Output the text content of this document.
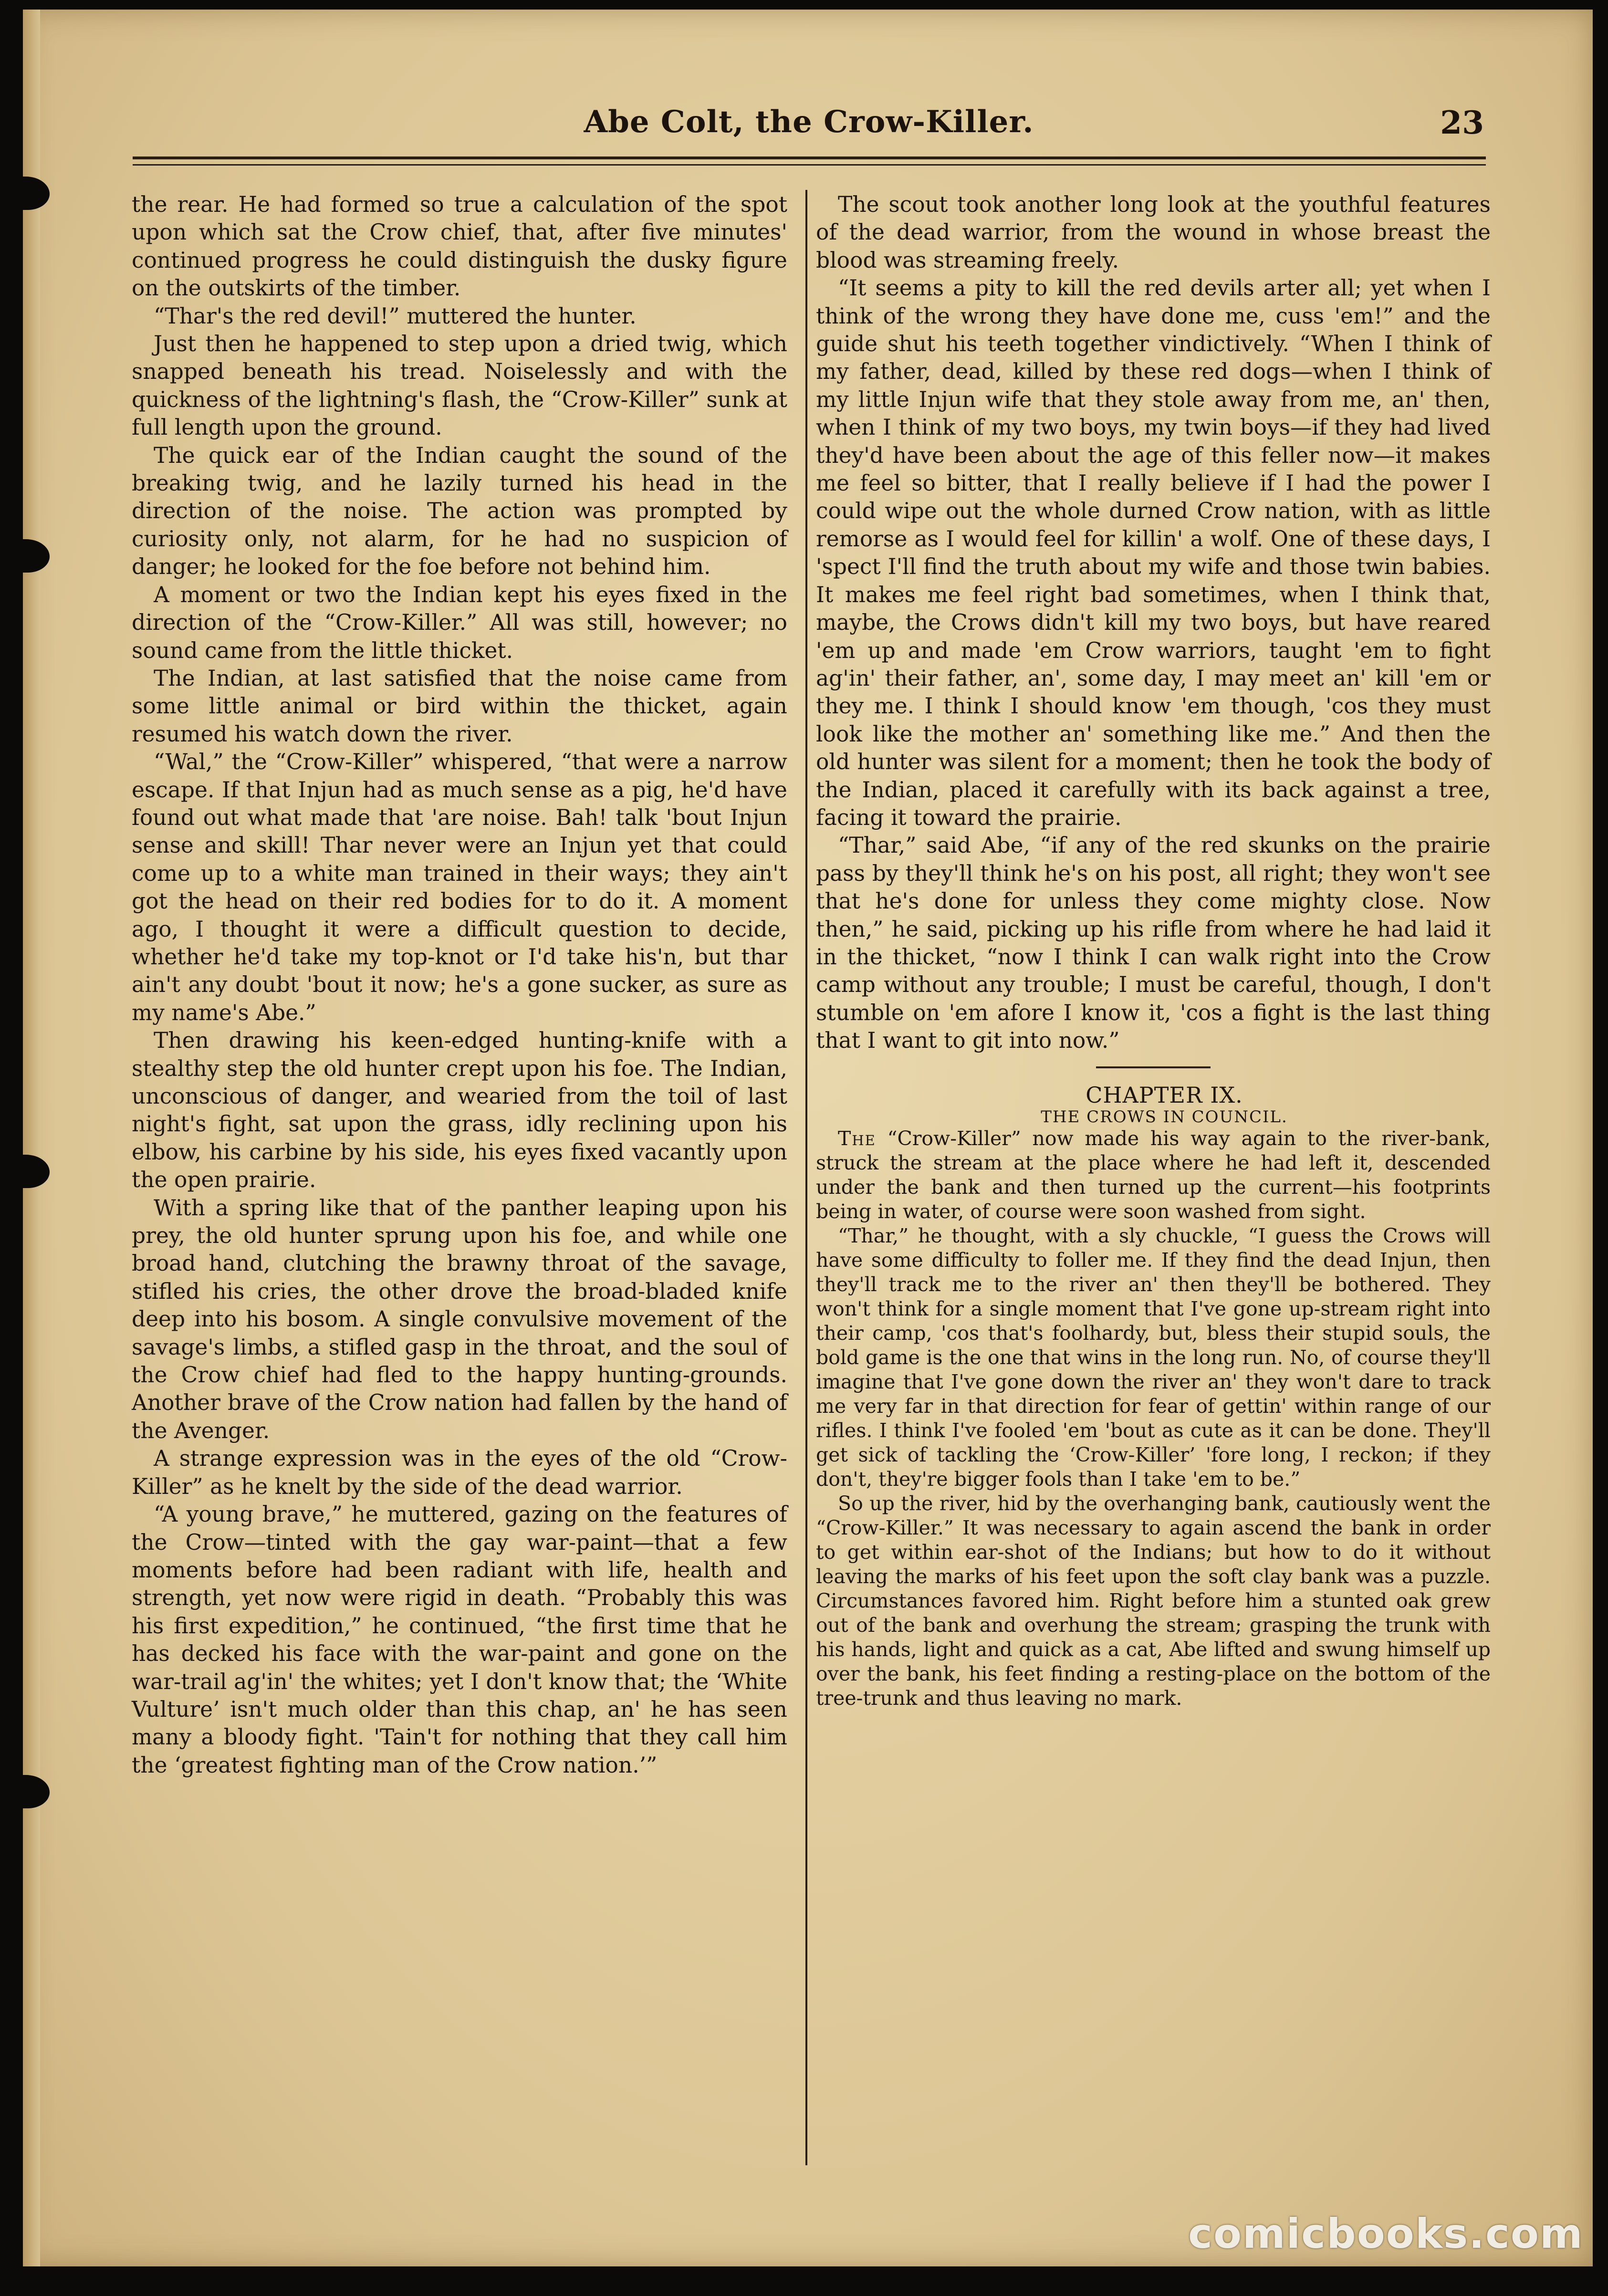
Abe Colt, the Crow-Killer.	23

the rear. He had formed so true a calculation of the spot upon which sat the Crow chief, that, after five minutes' continued progress he could distinguish the dusky figure on the outskirts of the timber.

“Thar's the red devil!” muttered the hunter.

Just then he happened to step upon a dried twig, which snapped beneath his tread. Noiselessly and with the quickness of the lightning's flash, the “Crow-Killer” sunk at full length upon the ground.

The quick ear of the Indian caught the sound of the breaking twig, and he lazily turned his head in the direction of the noise. The action was prompted by curiosity only, not alarm, for he had no suspicion of danger; he looked for the foe before not behind him.

A moment or two the Indian kept his eyes fixed in the direction of the “Crow-Killer.” All was still, however; no sound came from the little thicket.

The Indian, at last satisfied that the noise came from some little animal or bird within the thicket, again resumed his watch down the river.

“Wal,” the “Crow-Killer” whispered, “that were a narrow escape. If that Injun had as much sense as a pig, he'd have found out what made that 'are noise. Bah! talk 'bout Injun sense and skill! Thar never were an Injun yet that could come up to a white man trained in their ways; they ain't got the head on their red bodies for to do it. A moment ago, I thought it were a difficult question to decide, whether he'd take my top-knot or I'd take his'n, but thar ain't any doubt 'bout it now; he's a gone sucker, as sure as my name's Abe.”

Then drawing his keen-edged hunting-knife with a stealthy step the old hunter crept upon his foe. The Indian, unconscious of danger, and wearied from the toil of last night's fight, sat upon the grass, idly reclining upon his elbow, his carbine by his side, his eyes fixed vacantly upon the open prairie.

With a spring like that of the panther leaping upon his prey, the old hunter sprung upon his foe, and while one broad hand, clutching the brawny throat of the savage, stifled his cries, the other drove the broad-bladed knife deep into his bosom. A single convulsive movement of the savage's limbs, a stifled gasp in the throat, and the soul of the Crow chief had fled to the happy hunting-grounds. Another brave of the Crow nation had fallen by the hand of the Avenger.

A strange expression was in the eyes of the old “Crow-Killer” as he knelt by the side of the dead warrior.

“A young brave,” he muttered, gazing on the features of the Crow—tinted with the gay war-paint—that a few moments before had been radiant with life, health and strength, yet now were rigid in death. “Probably this was his first expedition,” he continued, “the first time that he has decked his face with the war-paint and gone on the war-trail ag'in' the whites; yet I don't know that; the ‘White Vulture’ isn't much older than this chap, an' he has seen many a bloody fight. 'Tain't for nothing that they call him the ‘greatest fighting man of the Crow nation.’”

The scout took another long look at the youthful features of the dead warrior, from the wound in whose breast the blood was streaming freely.

“It seems a pity to kill the red devils arter all; yet when I think of the wrong they have done me, cuss 'em!” and the guide shut his teeth together vindictively. “When I think of my father, dead, killed by these red dogs—when I think of my little Injun wife that they stole away from me, an' then, when I think of my two boys, my twin boys—if they had lived they'd have been about the age of this feller now—it makes me feel so bitter, that I really believe if I had the power I could wipe out the whole durned Crow nation, with as little remorse as I would feel for killin' a wolf. One of these days, I 'spect I'll find the truth about my wife and those twin babies. It makes me feel right bad sometimes, when I think that, maybe, the Crows didn't kill my two boys, but have reared 'em up and made 'em Crow warriors, taught 'em to fight ag'in' their father, an', some day, I may meet an' kill 'em or they me. I think I should know 'em though, 'cos they must look like the mother an' something like me.” And then the old hunter was silent for a moment; then he took the body of the Indian, placed it carefully with its back against a tree, facing it toward the prairie.

“Thar,” said Abe, “if any of the red skunks on the prairie pass by they'll think he's on his post, all right; they won't see that he's done for unless they come mighty close. Now then,” he said, picking up his rifle from where he had laid it in the thicket, “now I think I can walk right into the Crow camp without any trouble; I must be careful, though, I don't stumble on 'em afore I know it, 'cos a fight is the last thing that I want to git into now.”

CHAPTER IX.

THE CROWS IN COUNCIL.

The “Crow-Killer” now made his way again to the river-bank, struck the stream at the place where he had left it, descended under the bank and then turned up the current—his footprints being in water, of course were soon washed from sight.

“Thar,” he thought, with a sly chuckle, “I guess the Crows will have some difficulty to foller me. If they find the dead Injun, then they'll track me to the river an' then they'll be bothered. They won't think for a single moment that I've gone up-stream right into their camp, 'cos that's foolhardy, but, bless their stupid souls, the bold game is the one that wins in the long run. No, of course they'll imagine that I've gone down the river an' they won't dare to track me very far in that direction for fear of gettin' within range of our rifles. I think I've fooled 'em 'bout as cute as it can be done. They'll get sick of tackling the ‘Crow-Killer’ 'fore long, I reckon; if they don't, they're bigger fools than I take 'em to be.”

So up the river, hid by the overhanging bank, cautiously went the “Crow-Killer.” It was necessary to again ascend the bank in order to get within ear-shot of the Indians; but how to do it without leaving the marks of his feet upon the soft clay bank was a puzzle. Circumstances favored him. Right before him a stunted oak grew out of the bank and overhung the stream; grasping the trunk with his hands, light and quick as a cat, Abe lifted and swung himself up over the bank, his feet finding a resting-place on the bottom of the tree-trunk and thus leaving no mark.

comicbooks.com
